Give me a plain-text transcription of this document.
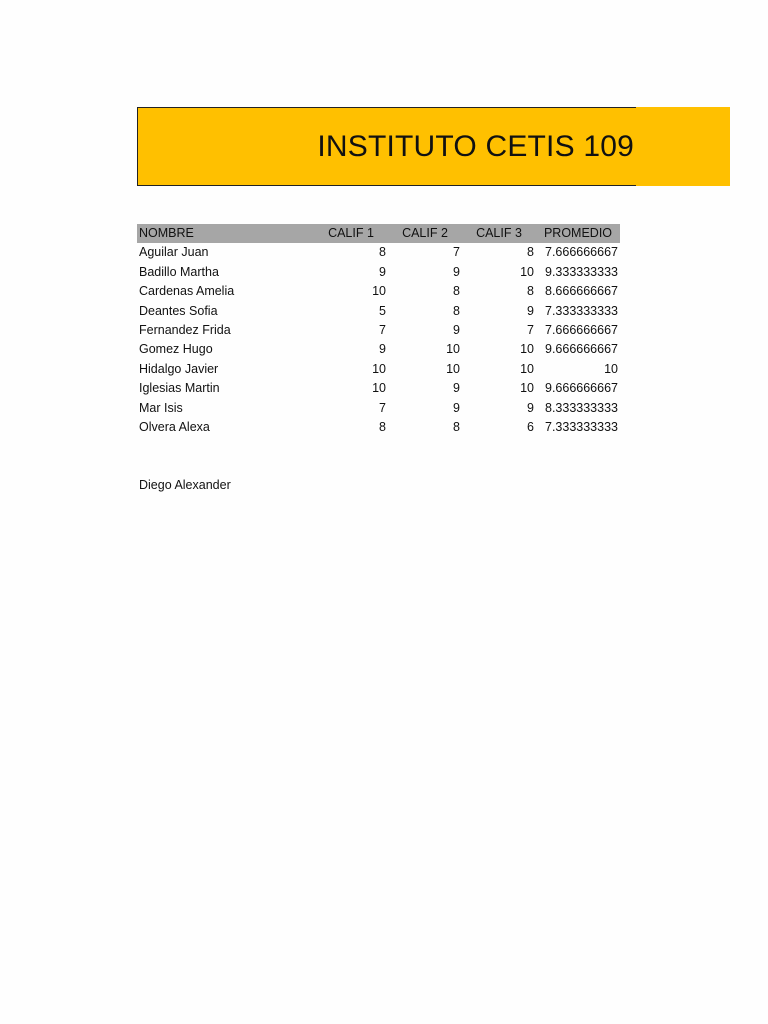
INSTITUTO CETIS 109
NOMBRE	CALIF 1	CALIF 2	CALIF 3	PROMEDIO
Aguilar Juan	8	7	8	7.666666667
Badillo Martha	9	9	10	9.333333333
Cardenas Amelia	10	8	8	8.666666667
Deantes Sofia	5	8	9	7.333333333
Fernandez Frida	7	9	7	7.666666667
Gomez Hugo	9	10	10	9.666666667
Hidalgo Javier	10	10	10	10
Iglesias Martin	10	9	10	9.666666667
Mar Isis	7	9	9	8.333333333
Olvera Alexa	8	8	6	7.333333333
Diego Alexander
